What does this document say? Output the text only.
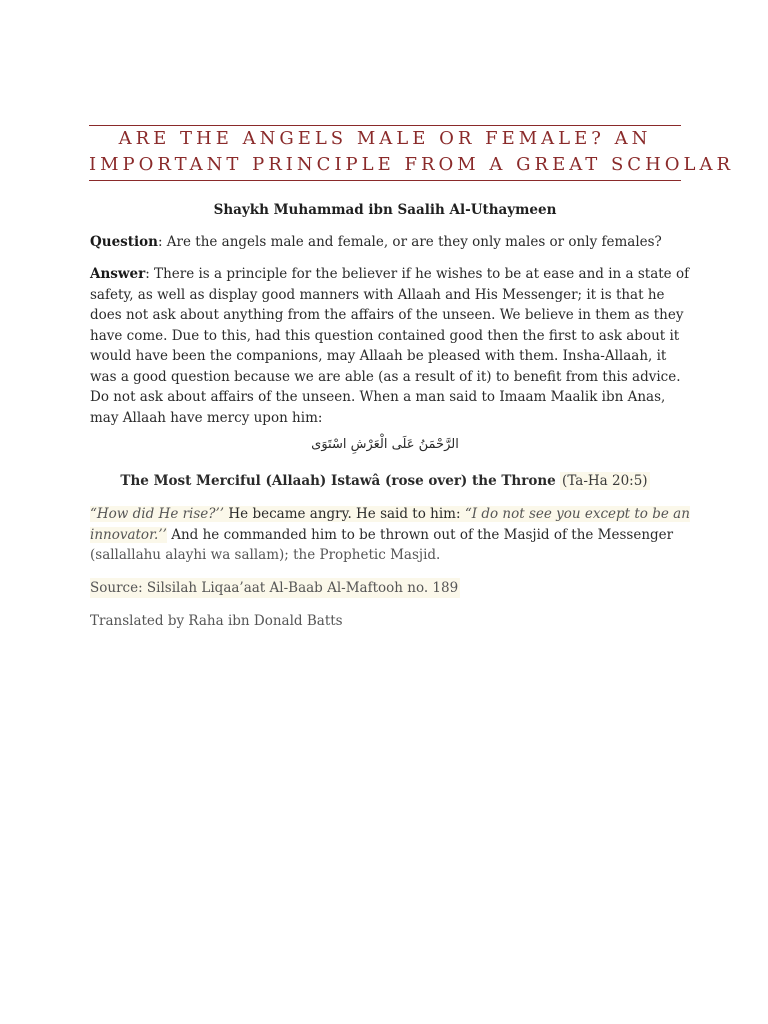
ARE THE ANGELS MALE OR FEMALE? AN
IMPORTANT PRINCIPLE FROM A GREAT SCHOLAR
Shaykh Muhammad ibn Saalih Al-Uthaymeen
Question: Are the angels male and female, or are they only males or only females?
Answer: There is a principle for the believer if he wishes to be at ease and in a state of
safety, as well as display good manners with Allaah and His Messenger; it is that he
does not ask about anything from the affairs of the unseen. We believe in them as they
have come. Due to this, had this question contained good then the first to ask about it
would have been the companions, may Allaah be pleased with them. Insha-Allaah, it
was a good question because we are able (as a result of it) to benefit from this advice.
Do not ask about affairs of the unseen. When a man said to Imaam Maalik ibn Anas,
may Allaah have mercy upon him:
الرَّحْمَنُ عَلَى الْعَرْشِ اسْتَوَى
The Most Merciful (Allaah) Istawâ (rose over) the Throne (Ta-Ha 20:5)
“How did He rise?’’ He became angry. He said to him: “I do not see you except to be an
innovator.’’ And he commanded him to be thrown out of the Masjid of the Messenger
(sallallahu alayhi wa sallam); the Prophetic Masjid.
Source: Silsilah Liqaa’aat Al-Baab Al-Maftooh no. 189
Translated by Raha ibn Donald Batts
